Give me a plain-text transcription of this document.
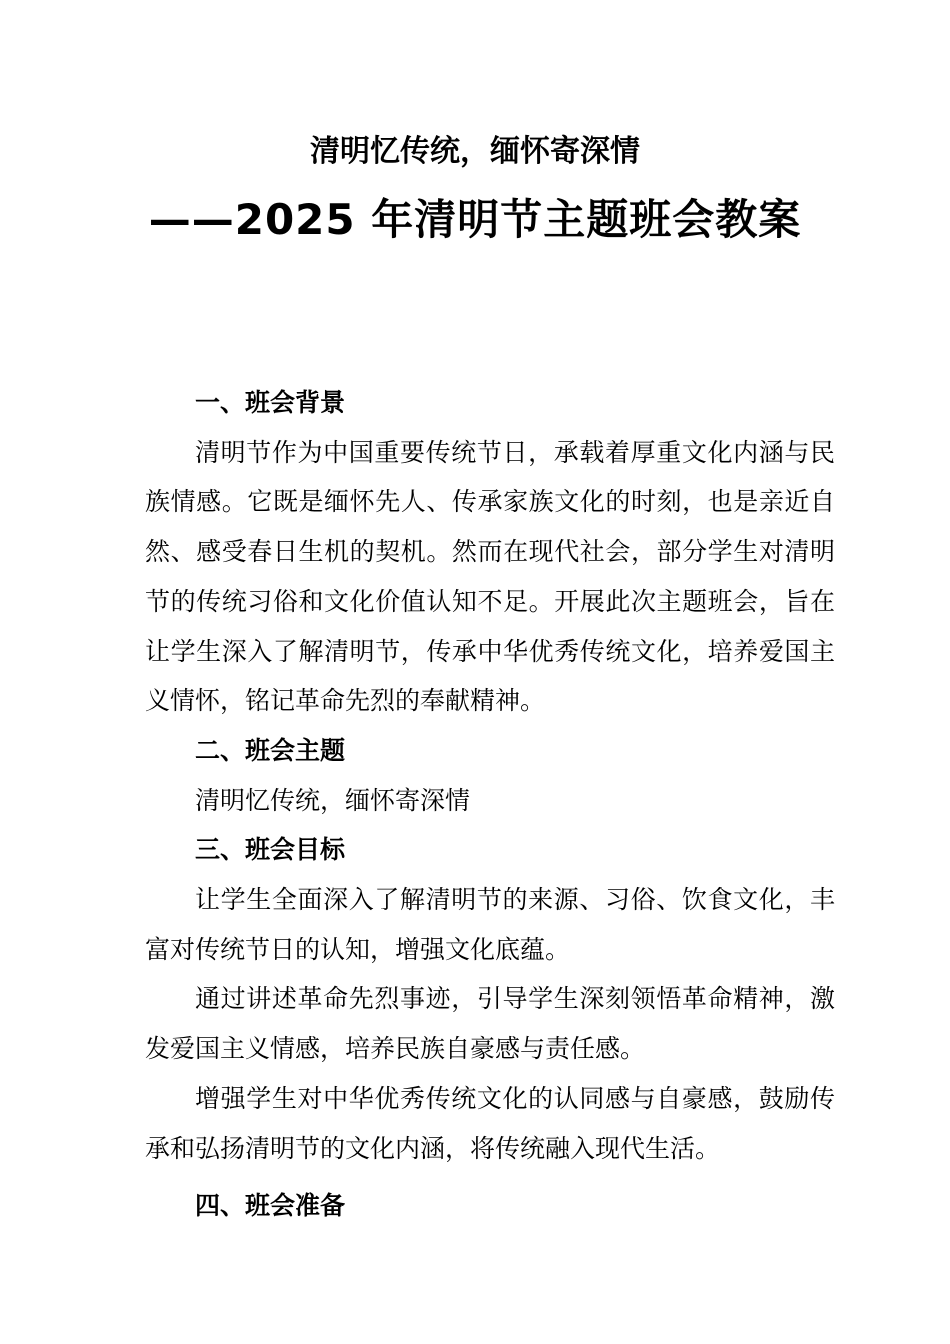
清明忆传统，缅怀寄深情
——2025 年清明节主题班会教案

一、班会背景

清明节作为中国重要传统节日，承载着厚重文化内涵与民族情感。它既是缅怀先人、传承家族文化的时刻，也是亲近自然、感受春日生机的契机。然而在现代社会，部分学生对清明节的传统习俗和文化价值认知不足。开展此次主题班会，旨在让学生深入了解清明节，传承中华优秀传统文化，培养爱国主义情怀，铭记革命先烈的奉献精神。

二、班会主题

清明忆传统，缅怀寄深情

三、班会目标

让学生全面深入了解清明节的来源、习俗、饮食文化，丰富对传统节日的认知，增强文化底蕴。

通过讲述革命先烈事迹，引导学生深刻领悟革命精神，激发爱国主义情感，培养民族自豪感与责任感。

增强学生对中华优秀传统文化的认同感与自豪感，鼓励传承和弘扬清明节的文化内涵，将传统融入现代生活。

四、班会准备
